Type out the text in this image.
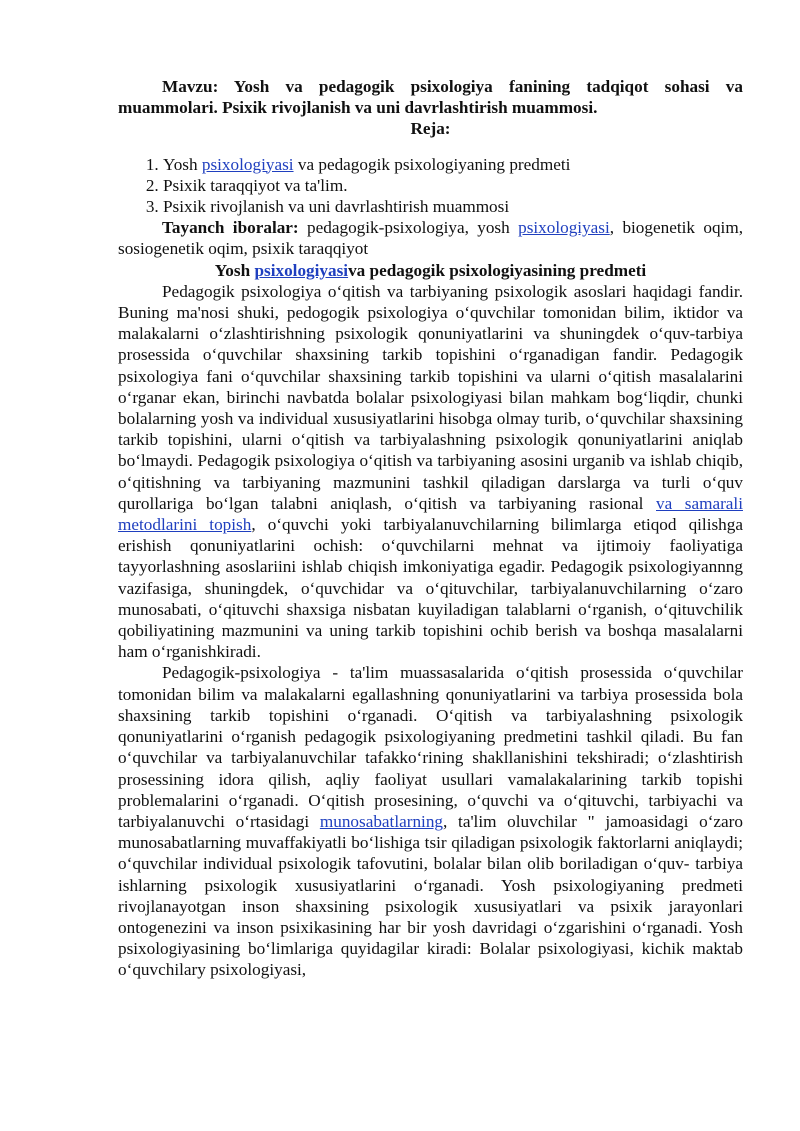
Mavzu: Yosh va pedagogik psixologiya fanining tadqiqot sohasi va

muammolari. Psixik rivojlanish va uni davrlashtirish muammosi.

Reja:

1. Yosh psixologiyasi va pedagogik psixologiyaning predmeti
2. Psixik taraqqiyot va ta'lim.
3. Psixik rivojlanish va uni davrlashtirish muammosi

Tayanch iboralar: pedagogik-psixologiya, yosh psixologiyasi, biogenetik oqim, sosiogenetik oqim, psixik taraqqiyot

Yosh psixologiyasiva pedagogik psixologiyasining predmeti

Pedagogik psixologiya o‘qitish va tarbiyaning psixologik asoslari haqidagi fandir. Buning ma'nosi shuki, pedogogik psixologiya o‘quvchilar tomonidan bilim, iktidor va malakalarni o‘zlashtirishning psixologik qonuniyatlarini va shuningdek o‘quv-tarbiya prosessida o‘quvchilar shaxsining tarkib topishini o‘rganadigan fandir. Pedagogik psixologiya fani o‘quvchilar shaxsining tarkib topishini va ularni o‘qitish masalalarini o‘rganar ekan, birinchi navbatda bolalar psixologiyasi bilan mahkam bog‘liqdir, chunki bolalarning yosh va individual xususiyatlarini hisobga olmay turib, o‘quvchilar shaxsining tarkib topishini, ularni o‘qitish va tarbiyalashning psixologik qonuniyatlarini aniqlab bo‘lmaydi. Pedagogik psixologiya o‘qitish va tarbiyaning asosini urganib va ishlab chiqib, o‘qitishning va tarbiyaning mazmunini tashkil qiladigan darslarga va turli o‘quv qurollariga bo‘lgan talabni aniqlash, o‘qitish va tarbiyaning rasional va samarali metodlarini topish, o‘quvchi yoki tarbiyalanuvchilarning bilimlarga etiqod qilishga erishish qonuniyatlarini ochish: o‘quvchilarni mehnat va ijtimoiy faoliyatiga tayyorlashning asoslariini ishlab chiqish imkoniyatiga egadir. Pedagogik psixologiyannng vazifasiga, shuningdek, o‘quvchidar va o‘qituvchilar, tarbiyalanuvchilarning o‘zaro munosabati, o‘qituvchi shaxsiga nisbatan kuyiladigan talablarni o‘rganish, o‘qituvchilik qobiliyatining mazmunini va uning tarkib topishini ochib berish va boshqa masalalarni ham o‘rganishkiradi.

Pedagogik-psixologiya - ta'lim muassasalarida o‘qitish prosessida o‘quvchilar tomonidan bilim va malakalarni egallashning qonuniyatlarini va tarbiya prosessida bola shaxsining tarkib topishini o‘rganadi. O‘qitish va tarbiyalashning psixologik qonuniyatlarini o‘rganish pedagogik psixologiyaning predmetini tashkil qiladi. Bu fan o‘quvchilar va tarbiyalanuvchilar tafakko‘rining shakllanishini tekshiradi; o‘zlashtirish prosessining idora qilish, aqliy faoliyat usullari vamalakalarining tarkib topishi problemalarini o‘rganadi. O‘qitish prosesining, o‘quvchi va o‘qituvchi, tarbiyachi va tarbiyalanuvchi o‘rtasidagi munosabatlarning, ta'lim oluvchilar " jamoasidagi o‘zaro munosabatlarning muvaffakiyatli bo‘lishiga tsir qiladigan psixologik faktorlarni aniqlaydi; o‘quvchilar individual psixologik tafovutini, bolalar bilan olib boriladigan o‘quv- tarbiya ishlarning psixologik xususiyatlarini o‘rganadi. Yosh psixologiyaning predmeti rivojlanayotgan inson shaxsining psixologik xususiyatlari va psixik jarayonlari ontogenezini va inson psixikasining har bir yosh davridagi o‘zgarishini o‘rganadi. Yosh psixologiyasining bo‘limlariga quyidagilar kiradi: Bolalar psixologiyasi, kichik maktab o‘quvchilary psixologiyasi,
